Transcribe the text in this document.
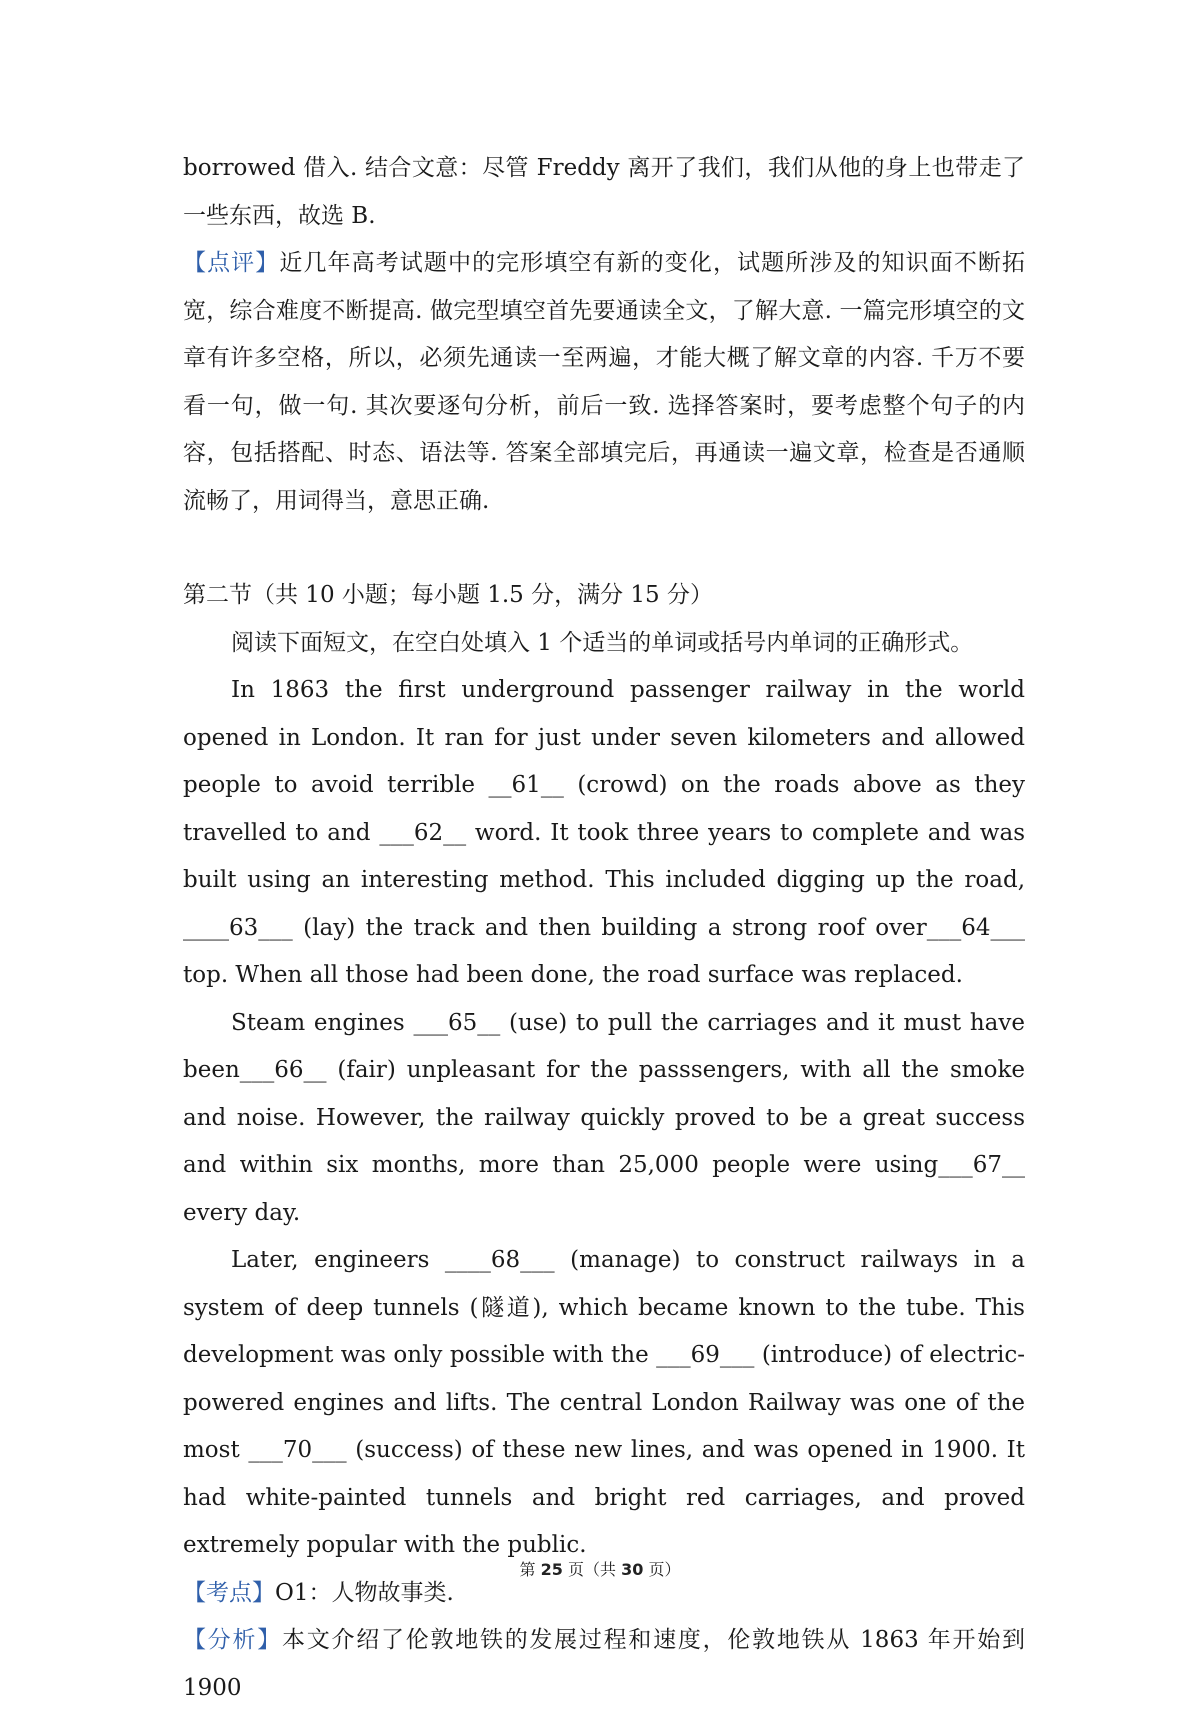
borrowed 借入. 结合文意：尽管 Freddy 离开了我们，我们从他的身上也带走了一些东西，故选 B.

【点评】近几年高考试题中的完形填空有新的变化，试题所涉及的知识面不断拓宽，综合难度不断提高. 做完型填空首先要通读全文，了解大意. 一篇完形填空的文章有许多空格，所以，必须先通读一至两遍，才能大概了解文章的内容. 千万不要看一句，做一句. 其次要逐句分析，前后一致. 选择答案时，要考虑整个句子的内容，包括搭配、时态、语法等. 答案全部填完后，再通读一遍文章，检查是否通顺流畅了，用词得当，意思正确.

第二节（共 10 小题；每小题 1.5 分，满分 15 分）

阅读下面短文，在空白处填入 1 个适当的单词或括号内单词的正确形式。

In 1863 the first underground passenger railway in the world opened in London. It ran for just under seven kilometers and allowed people to avoid terrible __61__ (crowd) on the roads above as they travelled to and ___62__ word. It took three years to complete and was built using an interesting method. This included digging up the road, ____63___ (lay) the track and then building a strong roof over___64___ top. When all those had been done, the road surface was replaced.

Steam engines ___65__ (use) to pull the carriages and it must have been___66__ (fair) unpleasant for the passsengers, with all the smoke and noise. However, the railway quickly proved to be a great success and within six months, more than 25,000 people were using___67__ every day.

Later, engineers ____68___ (manage) to construct railways in a system of deep tunnels (隧道), which became known to the tube. This development was only possible with the ___69___ (introduce) of electric-powered engines and lifts. The central London Railway was one of the most ___70___ (success) of these new lines, and was opened in 1900. It had white-painted tunnels and bright red carriages, and proved extremely popular with the public.

【考点】O1：人物故事类.

【分析】本文介绍了伦敦地铁的发展过程和速度，伦敦地铁从 1863 年开始到 1900

第 25 页（共 30 页）
